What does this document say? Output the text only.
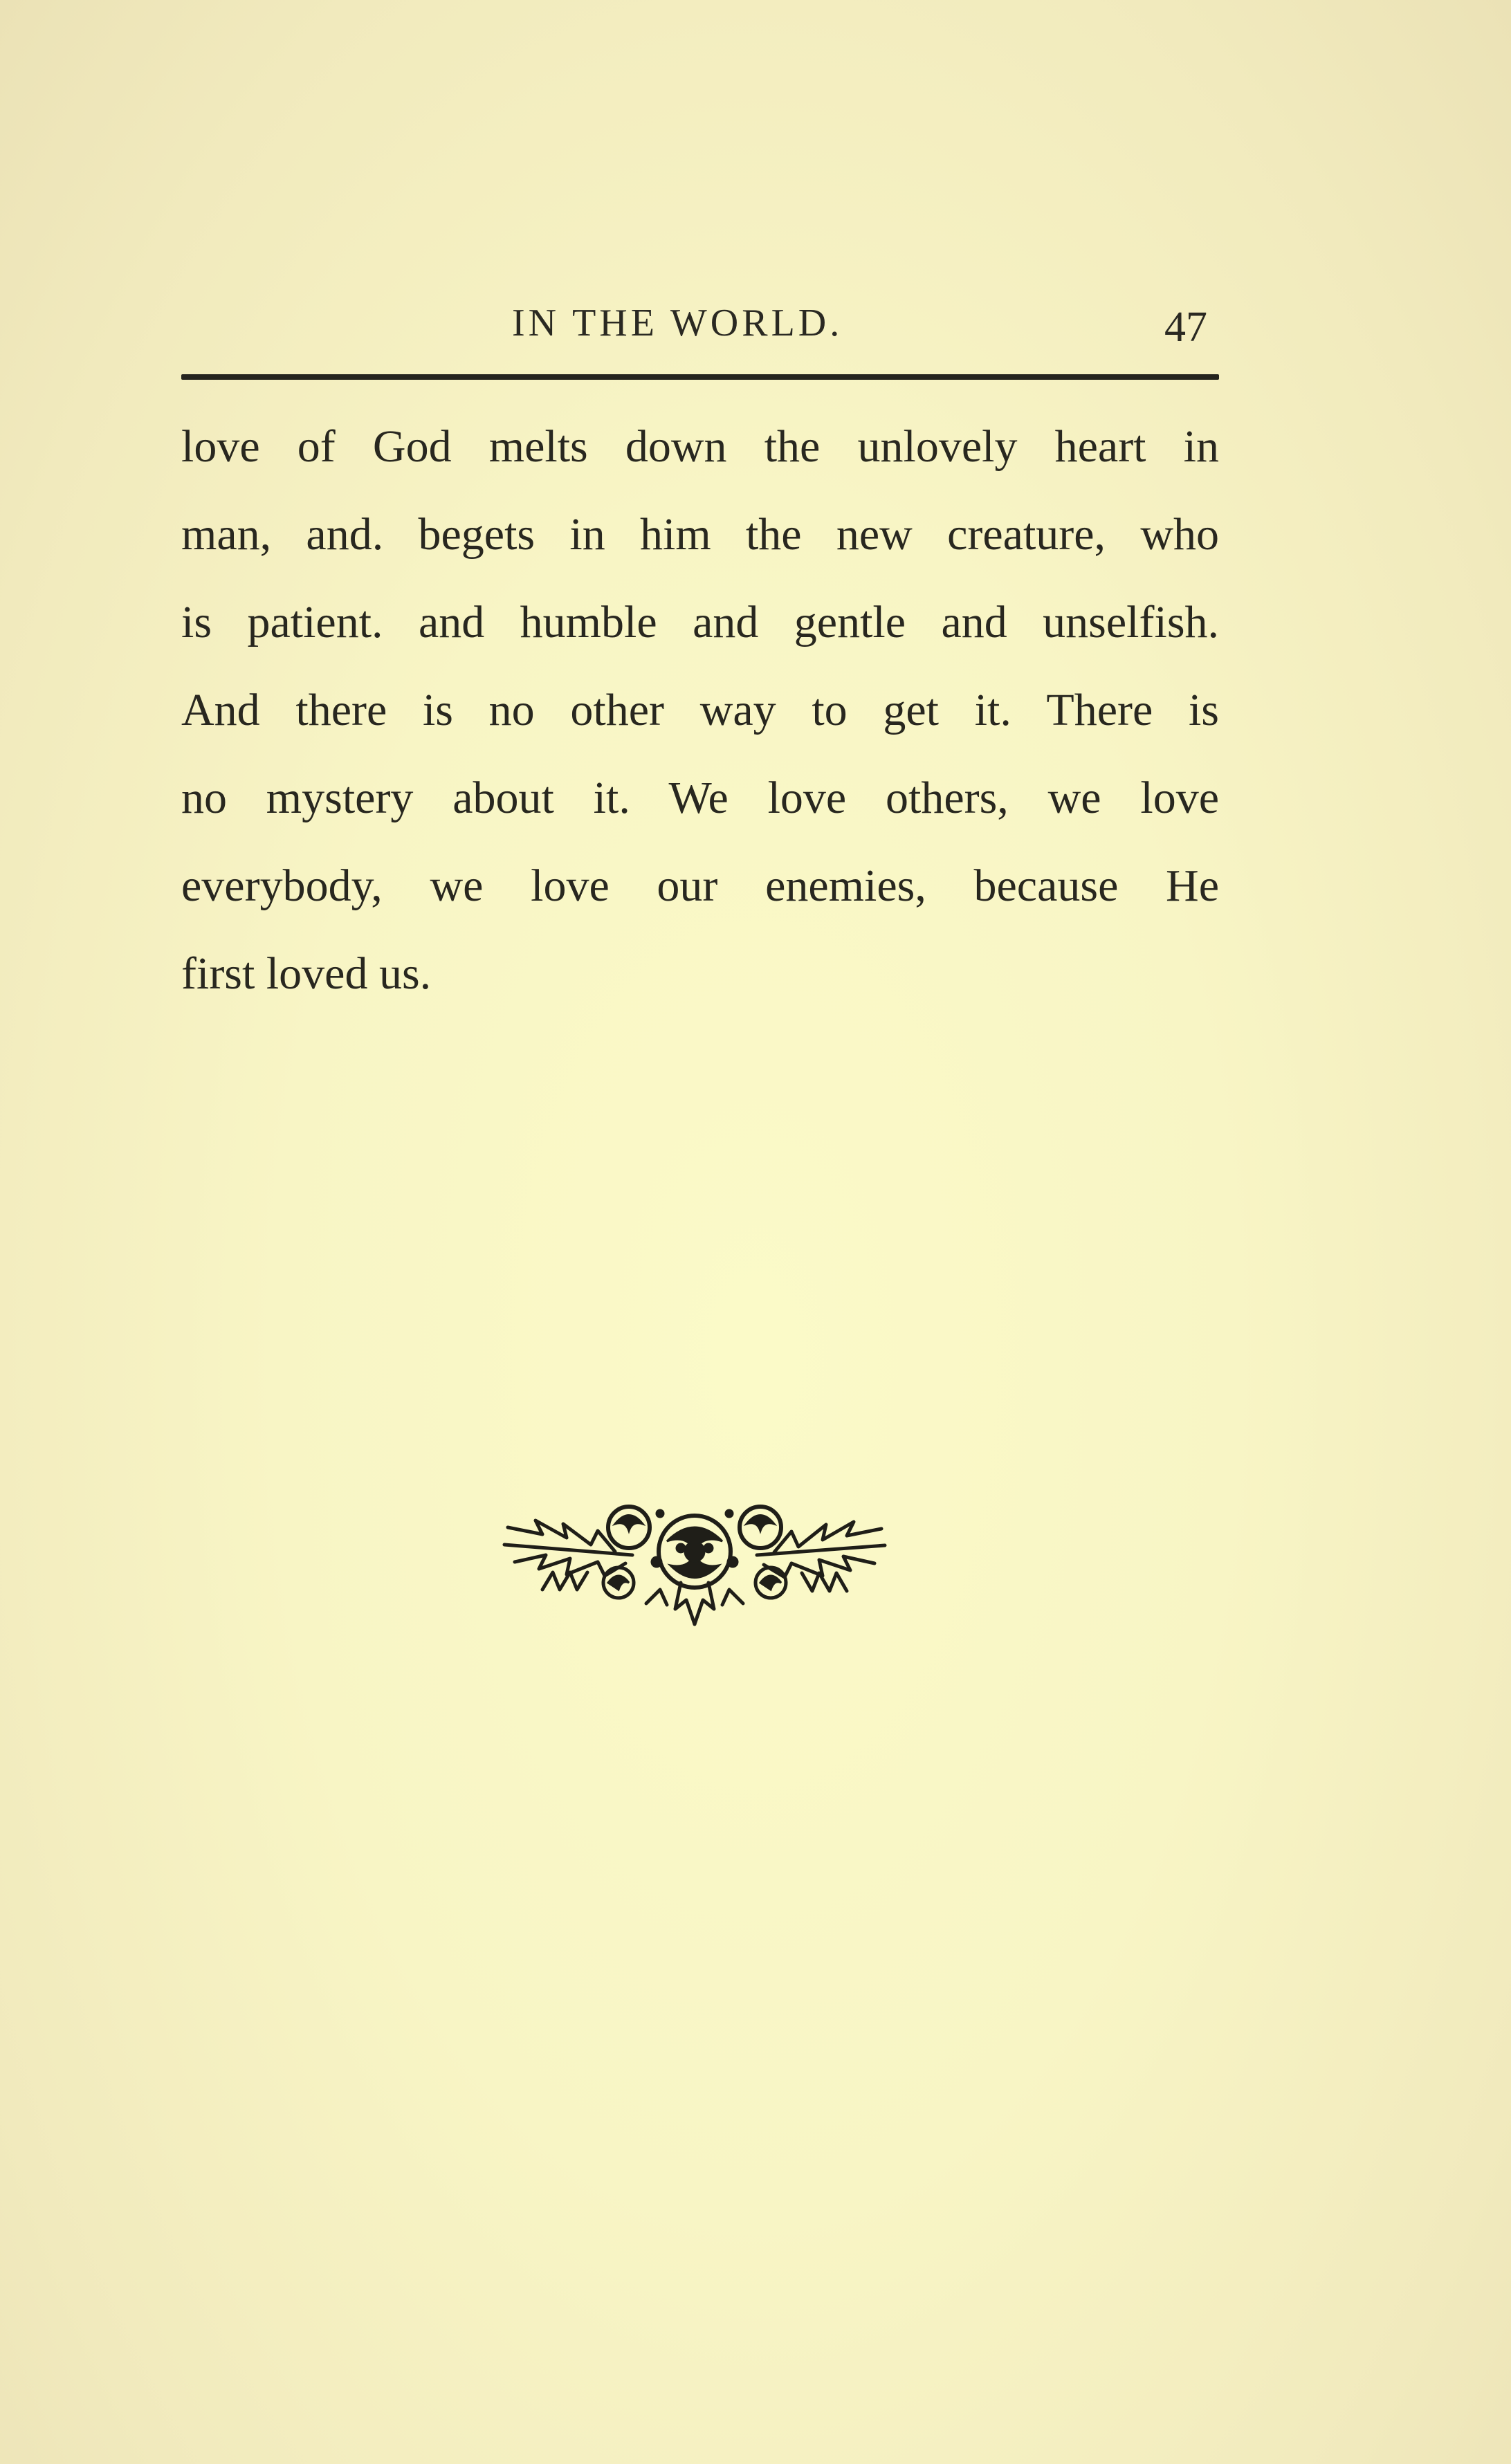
IN THE WORLD.	47
love of God melts down the unlovely heart in
man, and. begets in him the new creature, who
is patient. and humble and gentle and unselfish.
And there is no other way to get it. There is
no mystery about it. We love others, we love
everybody, we love our enemies, because He
first loved us.
